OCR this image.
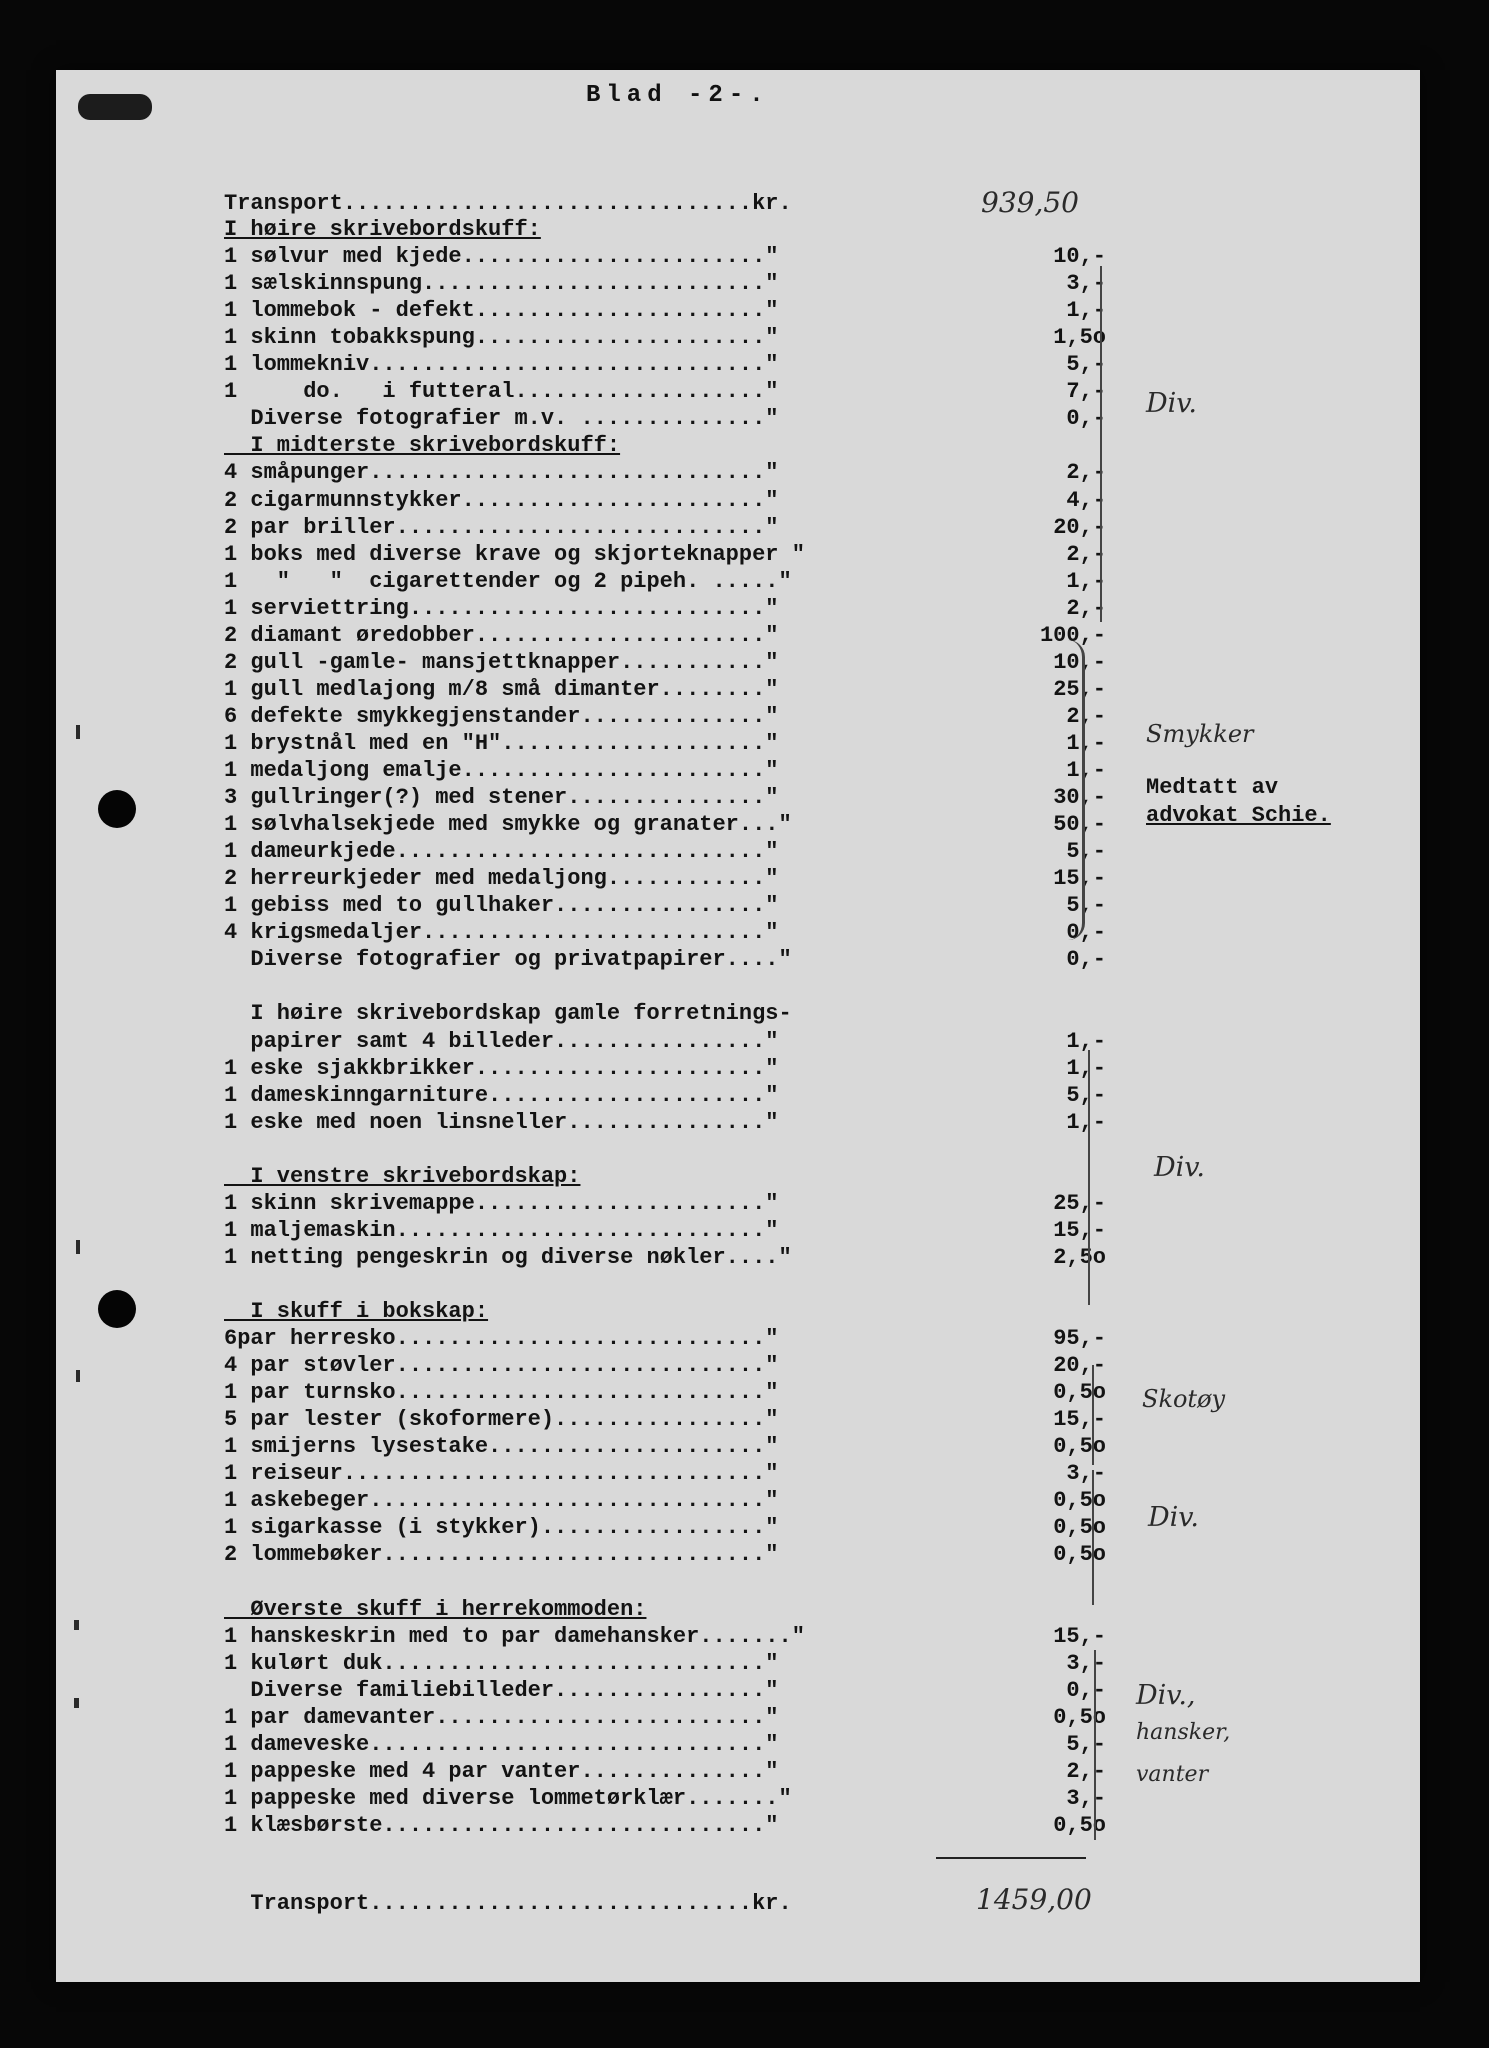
Blad -2-.
Transport...............................kr.	939,50
I høire skrivebordskuff:
1 sølvur med kjede......................."	10,-
1 sælskinnspung.........................."	3,-
1 lommebok - defekt......................"	1,-
1 skinn tobakkspung......................"	1,5o
1 lommekniv.............................."	5,-
1     do.   i futteral..................."	7,-
Diverse fotografier m.v. .............."	0,-
I midterste skrivebordskuff:
4 småpunger.............................."	2,-
2 cigarmunnstykker......................."	4,-
2 par briller............................"	20,-
1 boks med diverse krave og skjorteknapper "	2,-
1   "   "  cigarettender og 2 pipeh. ....."	1,-
1 serviettring..........................."	2,-
2 diamant øredobber......................"	100,-
2 gull -gamle- mansjettknapper..........."	10,-
1 gull medlajong m/8 små dimanter........"	25,-
6 defekte smykkegjenstander.............."	2,-
1 brystnål med en "H"...................."	1,-
1 medaljong emalje......................."	1,-
3 gullringer(?) med stener..............."	30,-
1 sølvhalsekjede med smykke og granater..."	50,-
1 dameurkjede............................"	5,-
2 herreurkjeder med medaljong............"	15,-
1 gebiss med to gullhaker................"	5,-
4 krigsmedaljer.........................."	0,-
Diverse fotografier og privatpapirer...."	0,-
I høire skrivebordskap gamle forretnings-
papirer samt 4 billeder................"	1,-
1 eske sjakkbrikker......................"	1,-
1 dameskinngarniture....................."	5,-
1 eske med noen linsneller..............."	1,-
I venstre skrivebordskap:
1 skinn skrivemappe......................"	25,-
1 maljemaskin............................"	15,-
1 netting pengeskrin og diverse nøkler...."	2,5o
I skuff i bokskap:
6par herresko............................"	95,-
4 par støvler............................"	20,-
1 par turnsko............................"	0,5o
5 par lester (skoformere)................"	15,-
1 smijerns lysestake....................."	0,5o
1 reiseur................................"	3,-
1 askebeger.............................."	0,5o
1 sigarkasse (i stykker)................."	0,5o
2 lommebøker............................."	0,5o
Øverste skuff i herrekommoden:
1 hanskeskrin med to par damehansker......."	15,-
1 kulørt duk............................."	3,-
Diverse familiebilleder................"	0,-
1 par damevanter........................."	0,5o
1 dameveske.............................."	5,-
1 pappeske med 4 par vanter.............."	2,-
1 pappeske med diverse lommetørklær......."	3,-
1 klæsbørste............................."	0,5o
Transport.............................kr.	1459,00
Div.
Smykker
Medtatt av
advokat Schie.
Div.
Skotøy
Div.
Div.,
hansker,
vanter
